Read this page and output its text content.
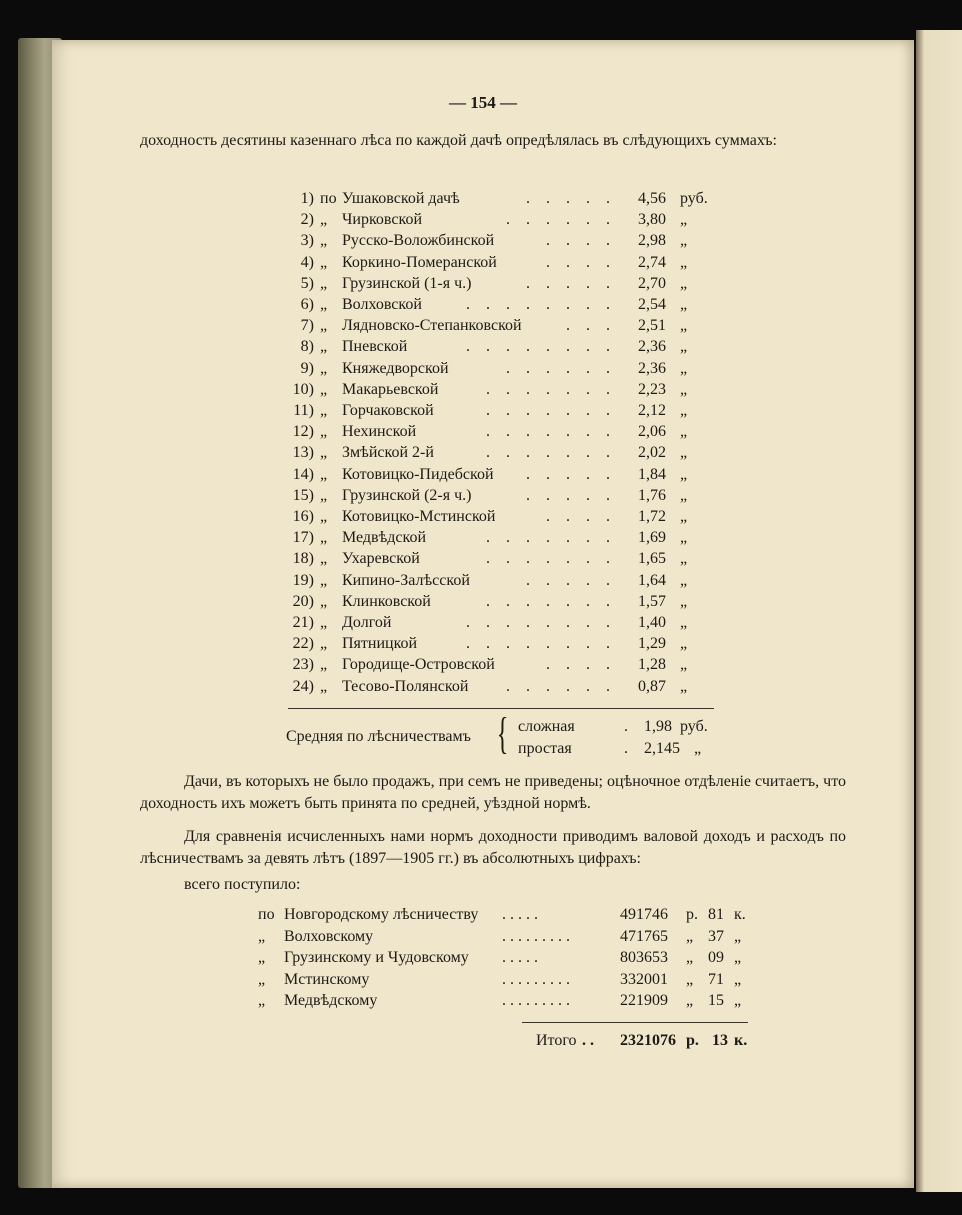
— 154 —
доходность десятины казеннаго лѣса по каждой дачѣ опредѣлялась въ слѣдующихъ суммахъ:
1) по Ушаковской дачѣ	. . . . . 4,56 руб.
2) „ Чирковской	. . . . . . 3,80 „
3) „ Русско-Воложбинской	. . . . 2,98 „
4) „ Коркино-Померанской	. . . . 2,74 „
5) „ Грузинской (1-я ч.)	. . . . . 2,70 „
6) „ Волховской	. . . . . . . . 2,54 „
7) „ Лядновско-Степанковской	. . . 2,51 „
8) „ Пневской	. . . . . . . . 2,36 „
9) „ Княжедворской	. . . . . . 2,36 „
10) „ Макарьевской	. . . . . . . 2,23 „
11) „ Горчаковской	. . . . . . . 2,12 „
12) „ Нехинской	. . . . . . . 2,06 „
13) „ Змѣйской 2-й	. . . . . . . 2,02 „
14) „ Котовицко-Пидебской . . . . . 1,84 „
15) „ Грузинской (2-я ч.)	. . . . . 1,76 „
16) „ Котовицко-Мстинской	. . . . 1,72 „
17) „ Медвѣдской	. . . . . . . 1,69 „
18) „ Ухаревской	. . . . . . . 1,65 „
19) „ Кипино-Залѣсской	. . . . . 1,64 „
20) „ Клинковской	. . . . . . . 1,57 „
21) „ Долгой	. . . . . . . . 1,40 „
22) „ Пятницкой	. . . . . . . . 1,29 „
23) „ Городище-Островской	. . . . 1,28 „
24) „ Тесово-Полянской . . . . . . 0,87 „
Средняя по лѣсничествамъ { сложная	. 1,98 руб.
простая	. 2,145 „
Дачи, въ которыхъ не было продажъ, при семъ не приведены; оцѣночное отдѣленіе считаетъ, что доходность ихъ можетъ быть принята по средней, уѣздной нормѣ.
Для сравненія исчисленныхъ нами нормъ доходности приводимъ валовой доходъ и расходъ по лѣсничествамъ за девять лѣтъ (1897—1905 гг.) въ абсолютныхъ цифрахъ:
всего поступило:
по Новгородскому лѣсничеству . . . . .	491746 р. 81 к.
„ Волховскому	. . . . . . . . .	471765 „ 37 „
„ Грузинскому и Чудовскому . . . . .	803653 „ 09 „
„ Мстинскому	. . . . . . . . .	332001 „ 71 „
„ Медвѣдскому	. . . . . . . . .	221909 „ 15 „
Итого . . 2321076 р. 13 к.
